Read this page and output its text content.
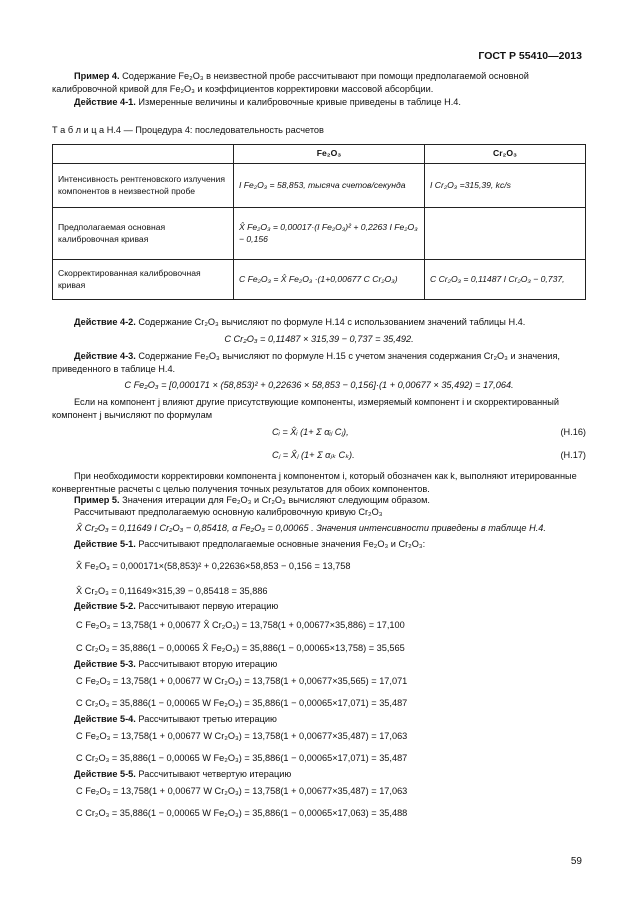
ГОСТ Р 55410—2013
Пример 4. Содержание Fe₂O₃ в неизвестной пробе рассчитывают при помощи предполагаемой основной калибровочной кривой для Fe₂O₃ и коэффициентов корректировки массовой абсорбции.
Действие 4-1. Измеренные величины и калибровочные кривые приведены в таблице Н.4.
Т а б л и ц а Н.4 — Процедура 4: последовательность расчетов
	Fe₂O₃	Cr₂O₃
Интенсивность рентгеновского излучения компонентов в неизвестной пробе	I Fe₂O₃ = 58,853, тысяча счетов/секунда	I Cr₂O₃ =315,39, kc/s
Предполагаемая основная калибровочная кривая	X̂ Fe₂O₃ = 0,00017·(I Fe₂O₃)² + 0,2263 I Fe₂O₃ − 0,156	
Скорректированная калибровочная кривая	C Fe₂O₃ = X̂ Fe₂O₃ ·(1+0,00677 C Cr₂O₃)	C Cr₂O₃ = 0,11487 I Cr₂O₃ − 0,737,
Действие 4-2. Содержание Cr₂O₃ вычисляют по формуле Н.14 с использованием значений таблицы Н.4.
C Cr₂O₃ = 0,11487 × 315,39 − 0,737 = 35,492.
Действие 4-3. Содержание Fe₂O₃ вычисляют по формуле Н.15 с учетом значения содержания Cr₂O₃ и значения, приведенного в таблице Н.4.
C Fe₂O₃ = [0,000171 × (58,853)² + 0,22636 × 58,853 − 0,156]·(1 + 0,00677 × 35,492) = 17,064.
Если на компонент j влияют другие присутствующие компоненты, измеряемый компонент i и скорректированный компонент j вычисляют по формулам
Cᵢ = X̂ᵢ (1+ Σ αᵢⱼ Cⱼ),	(Н.16)
Cⱼ = X̂ⱼ (1+ Σ αⱼₖ Cₖ).	(Н.17)
При необходимости корректировки компонента j компонентом i, который обозначен как k, выполняют итерированные конвергентные расчеты с целью получения точных результатов для обоих компонентов.
Пример 5. Значения итерации для Fe₂O₃ и Cr₂O₃ вычисляют следующим образом.
Рассчитывают предполагаемую основную калибровочную кривую Cr₂O₃
X̂ Cr₂O₃ = 0,11649 I Cr₂O₃ − 0,85418, α Fe₂O₃ = 0,00065 . Значения интенсивности приведены в таблице Н.4.
Действие 5-1. Рассчитывают предполагаемые основные значения Fe₂O₃ и Cr₂O₃:
X̂ Fe₂O₃ = 0,000171×(58,853)² + 0,22636×58,853 − 0,156 = 13,758
X̂ Cr₂O₃ = 0,11649×315,39 − 0,85418 = 35,886
Действие 5-2. Рассчитывают первую итерацию
C Fe₂O₃ = 13,758(1 + 0,00677 X̂ Cr₂O₃) = 13,758(1 + 0,00677×35,886) = 17,100
C Cr₂O₃ = 35,886(1 − 0,00065 X̂ Fe₂O₃) = 35,886(1 − 0,00065×13,758) = 35,565
Действие 5-3. Рассчитывают вторую итерацию
C Fe₂O₃ = 13,758(1 + 0,00677 W Cr₂O₃) = 13,758(1 + 0,00677×35,565) = 17,071
C Cr₂O₃ = 35,886(1 − 0,00065 W Fe₂O₃) = 35,886(1 − 0,00065×17,071) = 35,487
Действие 5-4. Рассчитывают третью итерацию
C Fe₂O₃ = 13,758(1 + 0,00677 W Cr₂O₃) = 13,758(1 + 0,00677×35,487) = 17,063
C Cr₂O₃ = 35,886(1 − 0,00065 W Fe₂O₃) = 35,886(1 − 0,00065×17,071) = 35,487
Действие 5-5. Рассчитывают четвертую итерацию
C Fe₂O₃ = 13,758(1 + 0,00677 W Cr₂O₃) = 13,758(1 + 0,00677×35,487) = 17,063
C Cr₂O₃ = 35,886(1 − 0,00065 W Fe₂O₃) = 35,886(1 − 0,00065×17,063) = 35,488
59
